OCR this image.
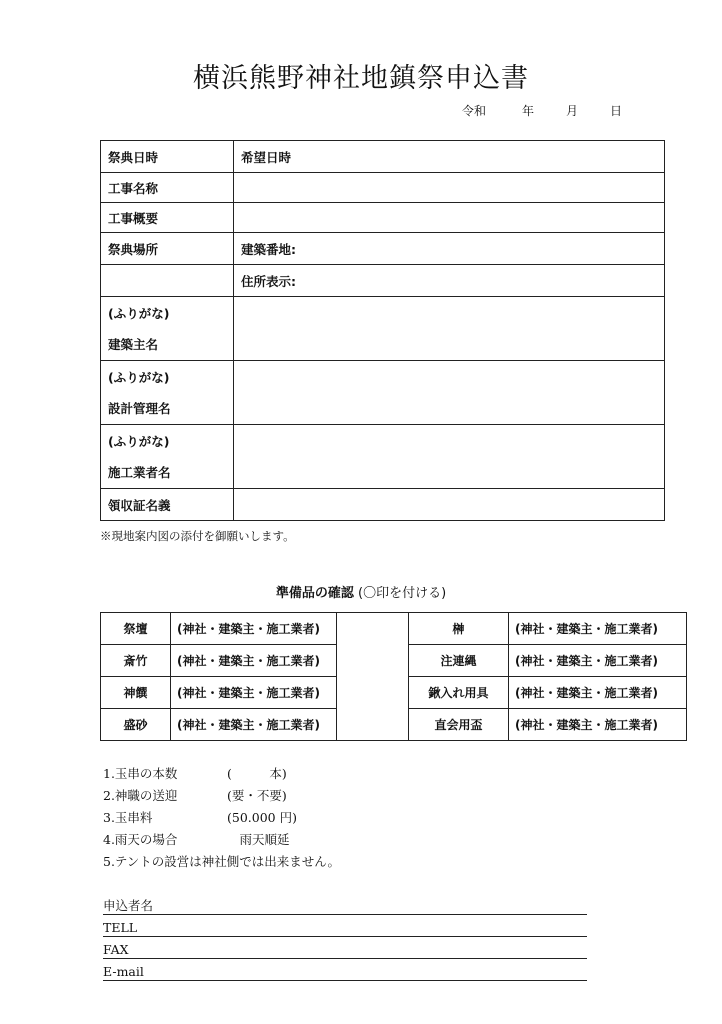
横浜熊野神社地鎮祭申込書
令和	年	月	日
祭典日時	希望日時
工事名称	
工事概要	
祭典場所	建築番地:
	住所表示:

(ふりがな)
建築主名	

(ふりがな)
設計管理名	

(ふりがな)
施工業者名	

領収証名義	
※現地案内図の添付を御願いします。
準備品の確認 (〇印を付ける)
祭壇	(神社・建築主・施工業者)		榊	(神社・建築主・施工業者)
斎竹	(神社・建築主・施工業者)		注連縄	(神社・建築主・施工業者)
神饌	(神社・建築主・施工業者)		鍬入れ用具	(神社・建築主・施工業者)
盛砂	(神社・建築主・施工業者)		直会用盃	(神社・建築主・施工業者)
1.玉串の本数	(　　　本)
2.神職の送迎	(要・不要)
3.玉串料	(50.000 円)
4.雨天の場合	　雨天順延
5.テントの設営は神社側では出来ません。
申込者名
TELL
FAX
E-mail
